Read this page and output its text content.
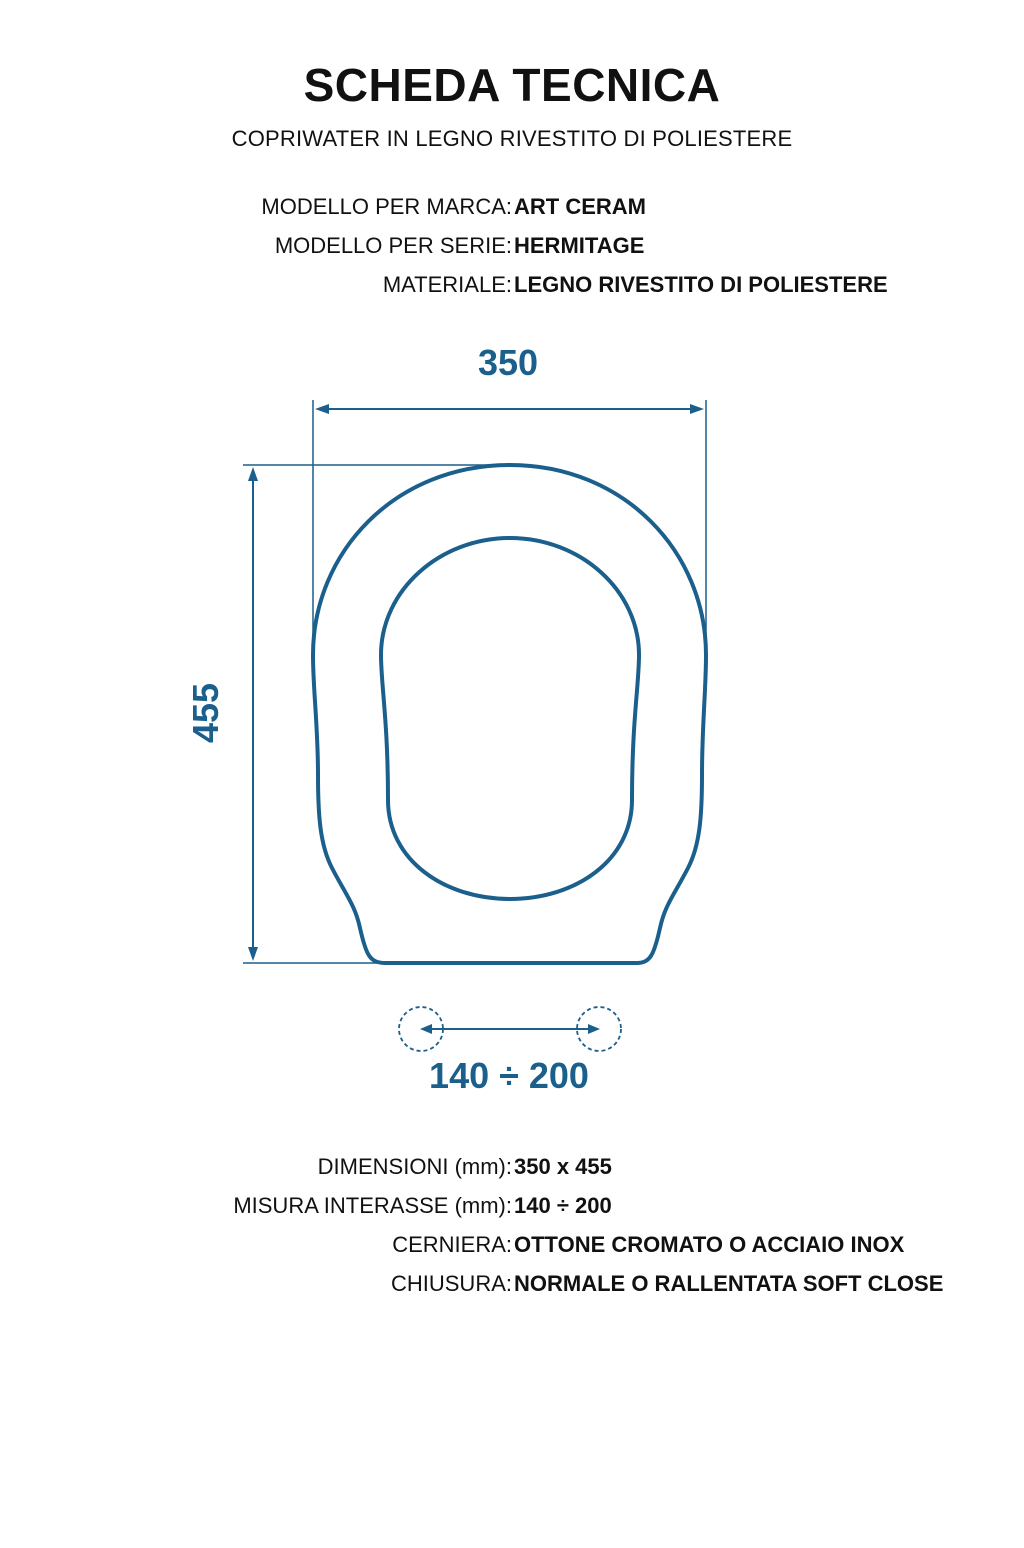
SCHEDA TECNICA
COPRIWATER IN LEGNO RIVESTITO DI POLIESTERE
MODELLO PER MARCA: ART CERAM
MODELLO PER SERIE: HERMITAGE
MATERIALE: LEGNO RIVESTITO DI POLIESTERE
350
455
140 ÷ 200
DIMENSIONI (mm): 350 x 455
MISURA INTERASSE (mm): 140 ÷ 200
CERNIERA: OTTONE CROMATO O ACCIAIO INOX
CHIUSURA: NORMALE O RALLENTATA SOFT CLOSE
